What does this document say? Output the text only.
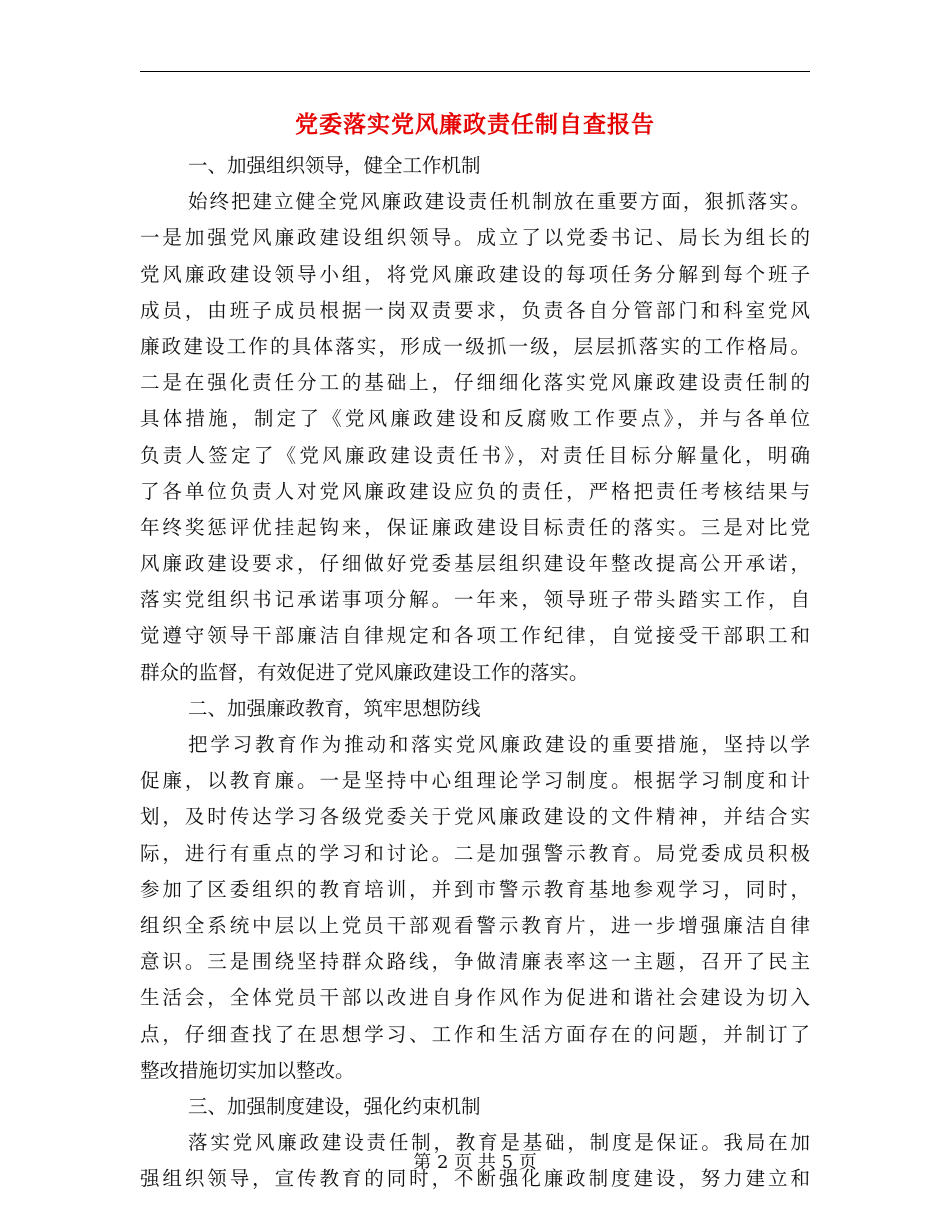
党委落实党风廉政责任制自查报告
一、加强组织领导，健全工作机制
始终把建立健全党风廉政建设责任机制放在重要方面，狠抓落实。
一是加强党风廉政建设组织领导。成立了以党委书记、局长为组长的
党风廉政建设领导小组，将党风廉政建设的每项任务分解到每个班子
成员，由班子成员根据一岗双责要求，负责各自分管部门和科室党风
廉政建设工作的具体落实，形成一级抓一级，层层抓落实的工作格局。
二是在强化责任分工的基础上，仔细细化落实党风廉政建设责任制的
具体措施，制定了《党风廉政建设和反腐败工作要点》，并与各单位
负责人签定了《党风廉政建设责任书》，对责任目标分解量化，明确
了各单位负责人对党风廉政建设应负的责任，严格把责任考核结果与
年终奖惩评优挂起钩来，保证廉政建设目标责任的落实。三是对比党
风廉政建设要求，仔细做好党委基层组织建设年整改提高公开承诺，
落实党组织书记承诺事项分解。一年来，领导班子带头踏实工作，自
觉遵守领导干部廉洁自律规定和各项工作纪律，自觉接受干部职工和
群众的监督，有效促进了党风廉政建设工作的落实。
二、加强廉政教育，筑牢思想防线
把学习教育作为推动和落实党风廉政建设的重要措施，坚持以学
促廉，以教育廉。一是坚持中心组理论学习制度。根据学习制度和计
划，及时传达学习各级党委关于党风廉政建设的文件精神，并结合实
际，进行有重点的学习和讨论。二是加强警示教育。局党委成员积极
参加了区委组织的教育培训，并到市警示教育基地参观学习，同时，
组织全系统中层以上党员干部观看警示教育片，进一步增强廉洁自律
意识。三是围绕坚持群众路线，争做清廉表率这一主题，召开了民主
生活会，全体党员干部以改进自身作风作为促进和谐社会建设为切入
点，仔细查找了在思想学习、工作和生活方面存在的问题，并制订了
整改措施切实加以整改。
三、加强制度建设，强化约束机制
落实党风廉政建设责任制，教育是基础，制度是保证。我局在加
强组织领导，宣传教育的同时，不断强化廉政制度建设，努力建立和
第 2 页 共 5 页
